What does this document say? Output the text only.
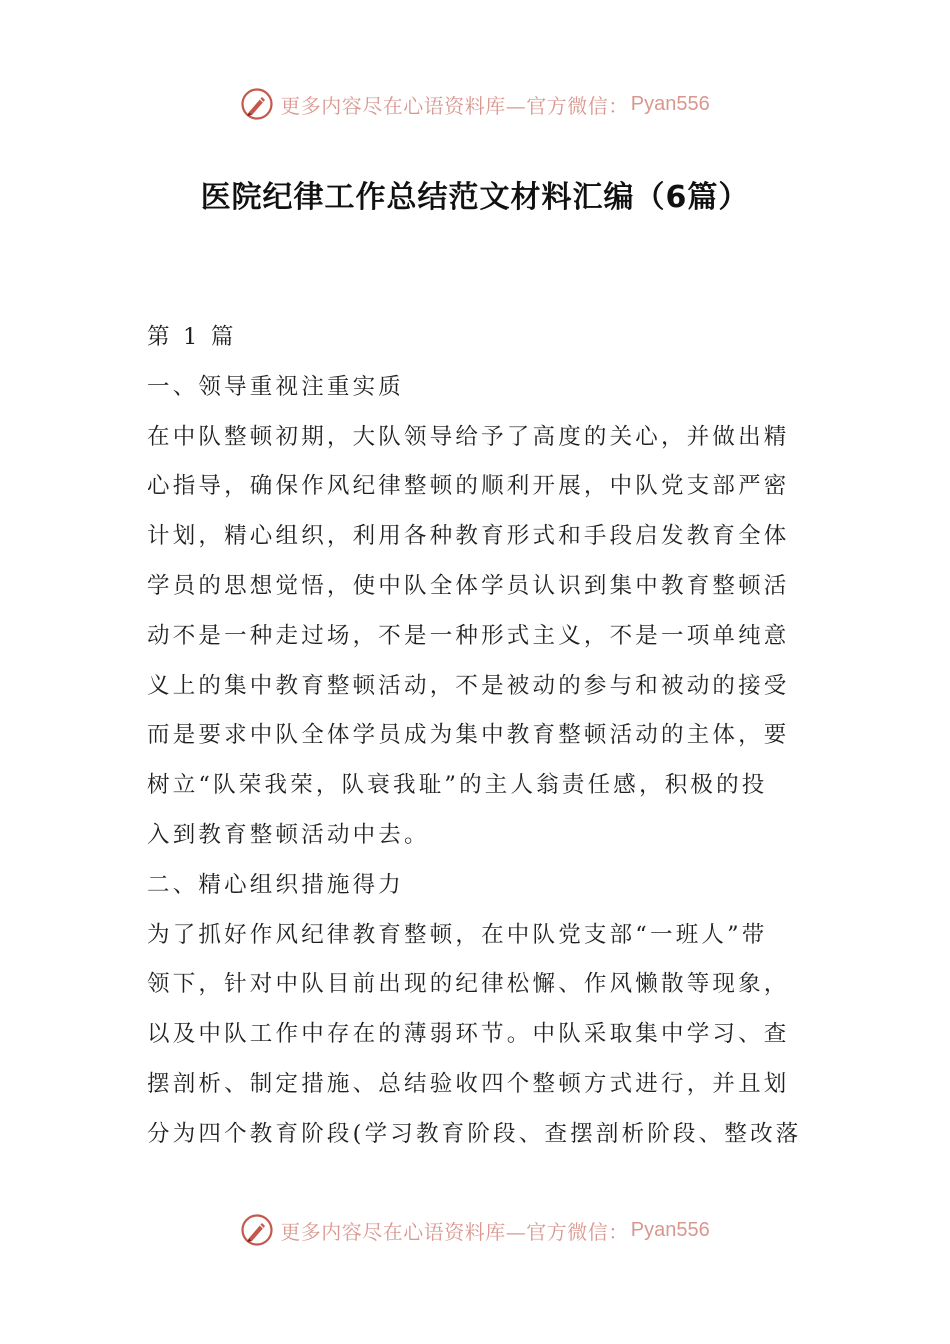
更多内容尽在心语资料库—官方微信： Pyan556
医院纪律工作总结范文材料汇编（6篇）
第 1 篇
一、领导重视注重实质
在中队整顿初期，大队领导给予了高度的关心，并做出精
心指导，确保作风纪律整顿的顺利开展，中队党支部严密
计划，精心组织，利用各种教育形式和手段启发教育全体
学员的思想觉悟，使中队全体学员认识到集中教育整顿活
动不是一种走过场，不是一种形式主义，不是一项单纯意
义上的集中教育整顿活动，不是被动的参与和被动的接受
而是要求中队全体学员成为集中教育整顿活动的主体，要
树立“队荣我荣，队衰我耻”的主人翁责任感，积极的投
入到教育整顿活动中去。
二、精心组织措施得力
为了抓好作风纪律教育整顿，在中队党支部“一班人”带
领下，针对中队目前出现的纪律松懈、作风懒散等现象，
以及中队工作中存在的薄弱环节。中队采取集中学习、查
摆剖析、制定措施、总结验收四个整顿方式进行，并且划
分为四个教育阶段(学习教育阶段、查摆剖析阶段、整改落
更多内容尽在心语资料库—官方微信： Pyan556
